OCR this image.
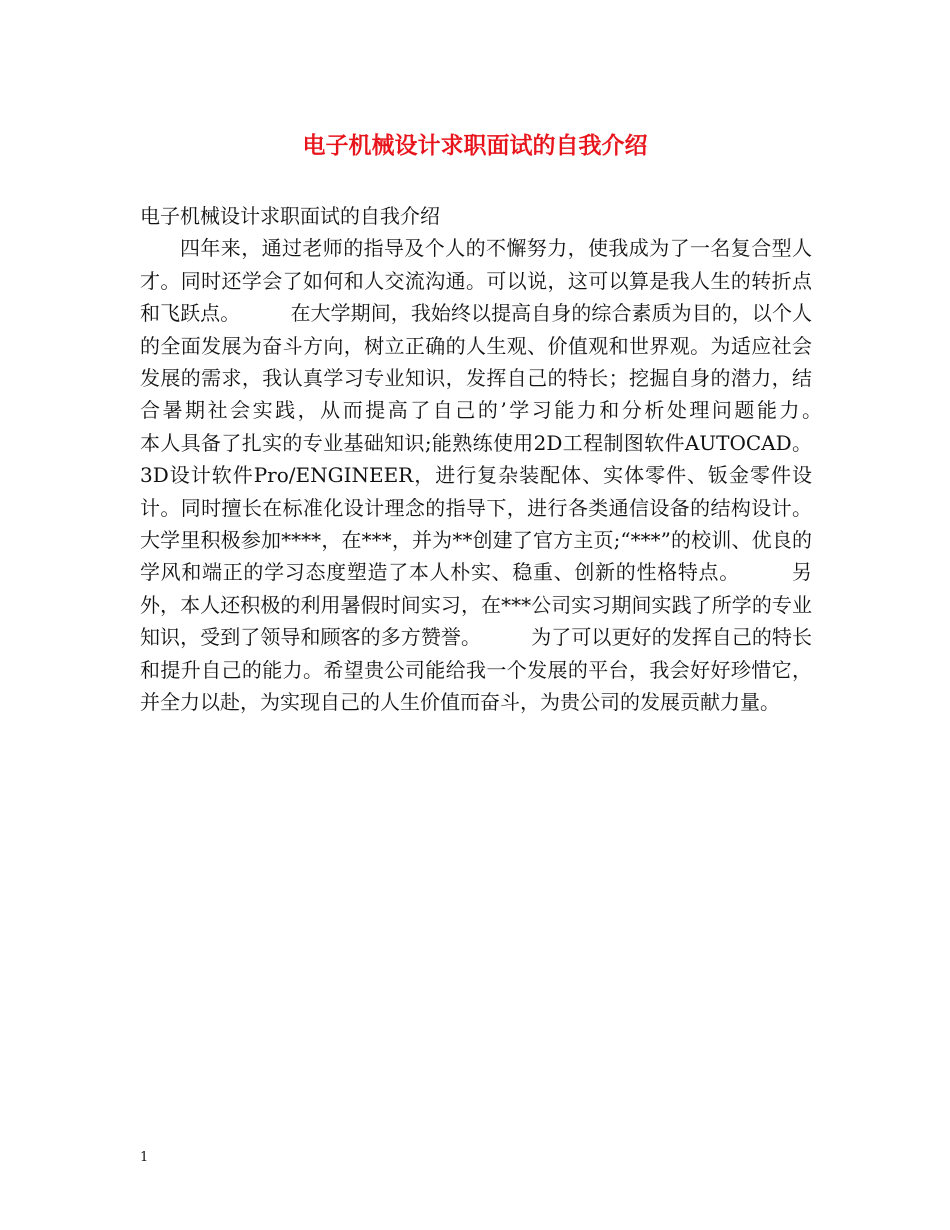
电子机械设计求职面试的自我介绍
电子机械设计求职面试的自我介绍
四年来，通过老师的指导及个人的不懈努力，使我成为了一名复合型人才。同时还学会了如何和人交流沟通。可以说，这可以算是我人生的转折点和飞跃点。　　　在大学期间，我始终以提高自身的综合素质为目的，以个人的全面发展为奋斗方向，树立正确的人生观、价值观和世界观。为适应社会发展的需求，我认真学习专业知识，发挥自己的特长；挖掘自身的潜力，结合暑期社会实践，从而提高了自己的’学习能力和分析处理问题能力。　　　本人具备了扎实的专业基础知识;能熟练使用2D工程制图软件AUTOCAD。3D设计软件Pro/ENGINEER，进行复杂装配体、实体零件、钣金零件设计。同时擅长在标准化设计理念的指导下，进行各类通信设备的结构设计。大学里积极参加****，在***，并为**创建了官方主页;“***”的校训、优良的学风和端正的学习态度塑造了本人朴实、稳重、创新的性格特点。　　　另外，本人还积极的利用暑假时间实习，在***公司实习期间实践了所学的专业知识，受到了领导和顾客的多方赞誉。　　　为了可以更好的发挥自己的特长和提升自己的能力。希望贵公司能给我一个发展的平台，我会好好珍惜它，并全力以赴，为实现自己的人生价值而奋斗，为贵公司的发展贡献力量。
1
